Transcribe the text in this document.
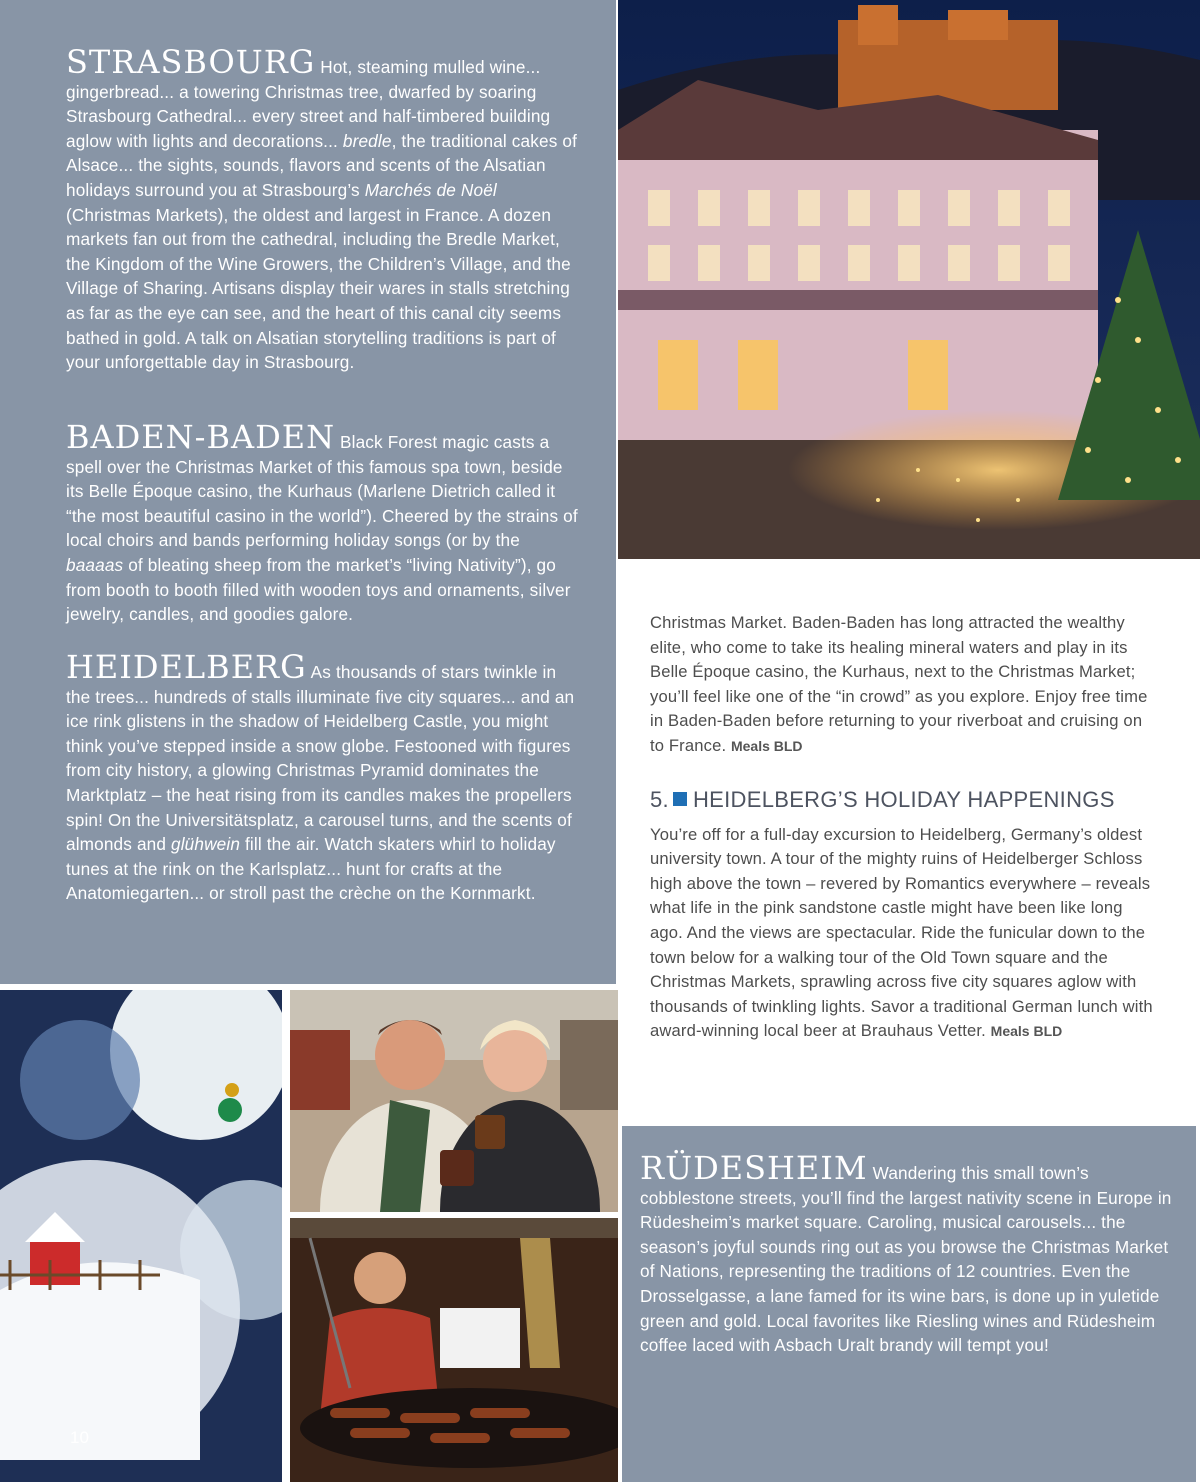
STRASBOURG Hot, steaming mulled wine... gingerbread... a towering Christmas tree, dwarfed by soaring Strasbourg Cathedral... every street and half-timbered building aglow with lights and decorations... bredle, the traditional cakes of Alsace... the sights, sounds, flavors and scents of the Alsatian holidays surround you at Strasbourg’s Marchés de Noël (Christmas Markets), the oldest and largest in France. A dozen markets fan out from the cathedral, including the Bredle Market, the Kingdom of the Wine Growers, the Children’s Village, and the Village of Sharing. Artisans display their wares in stalls stretching as far as the eye can see, and the heart of this canal city seems bathed in gold. A talk on Alsatian storytelling traditions is part of your unforgettable day in Strasbourg.

BADEN-BADEN Black Forest magic casts a spell over the Christmas Market of this famous spa town, beside its Belle Époque casino, the Kurhaus (Marlene Dietrich called it “the most beautiful casino in the world”). Cheered by the strains of local choirs and bands performing holiday songs (or by the baaaas of bleating sheep from the market’s “living Nativity”), go from booth to booth filled with wooden toys and ornaments, silver jewelry, candles, and goodies galore.

HEIDELBERG As thousands of stars twinkle in the trees... hundreds of stalls illuminate five city squares... and an ice rink glistens in the shadow of Heidelberg Castle, you might think you’ve stepped inside a snow globe. Festooned with figures from city history, a glowing Christmas Pyramid dominates the Marktplatz – the heat rising from its candles makes the propellers spin! On the Universitätsplatz, a carousel turns, and the scents of almonds and glühwein fill the air. Watch skaters whirl to holiday tunes at the rink on the Karlsplatz... hunt for crafts at the Anatomiegarten... or stroll past the crèche on the Kornmarkt.

Christmas Market. Baden-Baden has long attracted the wealthy elite, who come to take its healing mineral waters and play in its Belle Époque casino, the Kurhaus, next to the Christmas Market; you’ll feel like one of the “in crowd” as you explore. Enjoy free time in Baden-Baden before returning to your riverboat and cruising on to France. Meals BLD

5. HEIDELBERG’S HOLIDAY HAPPENINGS

You’re off for a full-day excursion to Heidelberg, Germany’s oldest university town. A tour of the mighty ruins of Heidelberger Schloss high above the town – revered by Romantics everywhere – reveals what life in the pink sandstone castle might have been like long ago. And the views are spectacular. Ride the funicular down to the town below for a walking tour of the Old Town square and the Christmas Markets, sprawling across five city squares aglow with thousands of twinkling lights. Savor a traditional German lunch with award-winning local beer at Brauhaus Vetter. Meals BLD

RÜDESHEIM Wandering this small town’s cobblestone streets, you’ll find the largest nativity scene in Europe in Rüdesheim’s market square. Caroling, musical carousels... the season’s joyful sounds ring out as you browse the Christmas Market of Nations, representing the traditions of 12 countries. Even the Drosselgasse, a lane famed for its wine bars, is done up in yuletide green and gold. Local favorites like Riesling wines and Rüdesheim coffee laced with Asbach Uralt brandy will tempt you!

10
